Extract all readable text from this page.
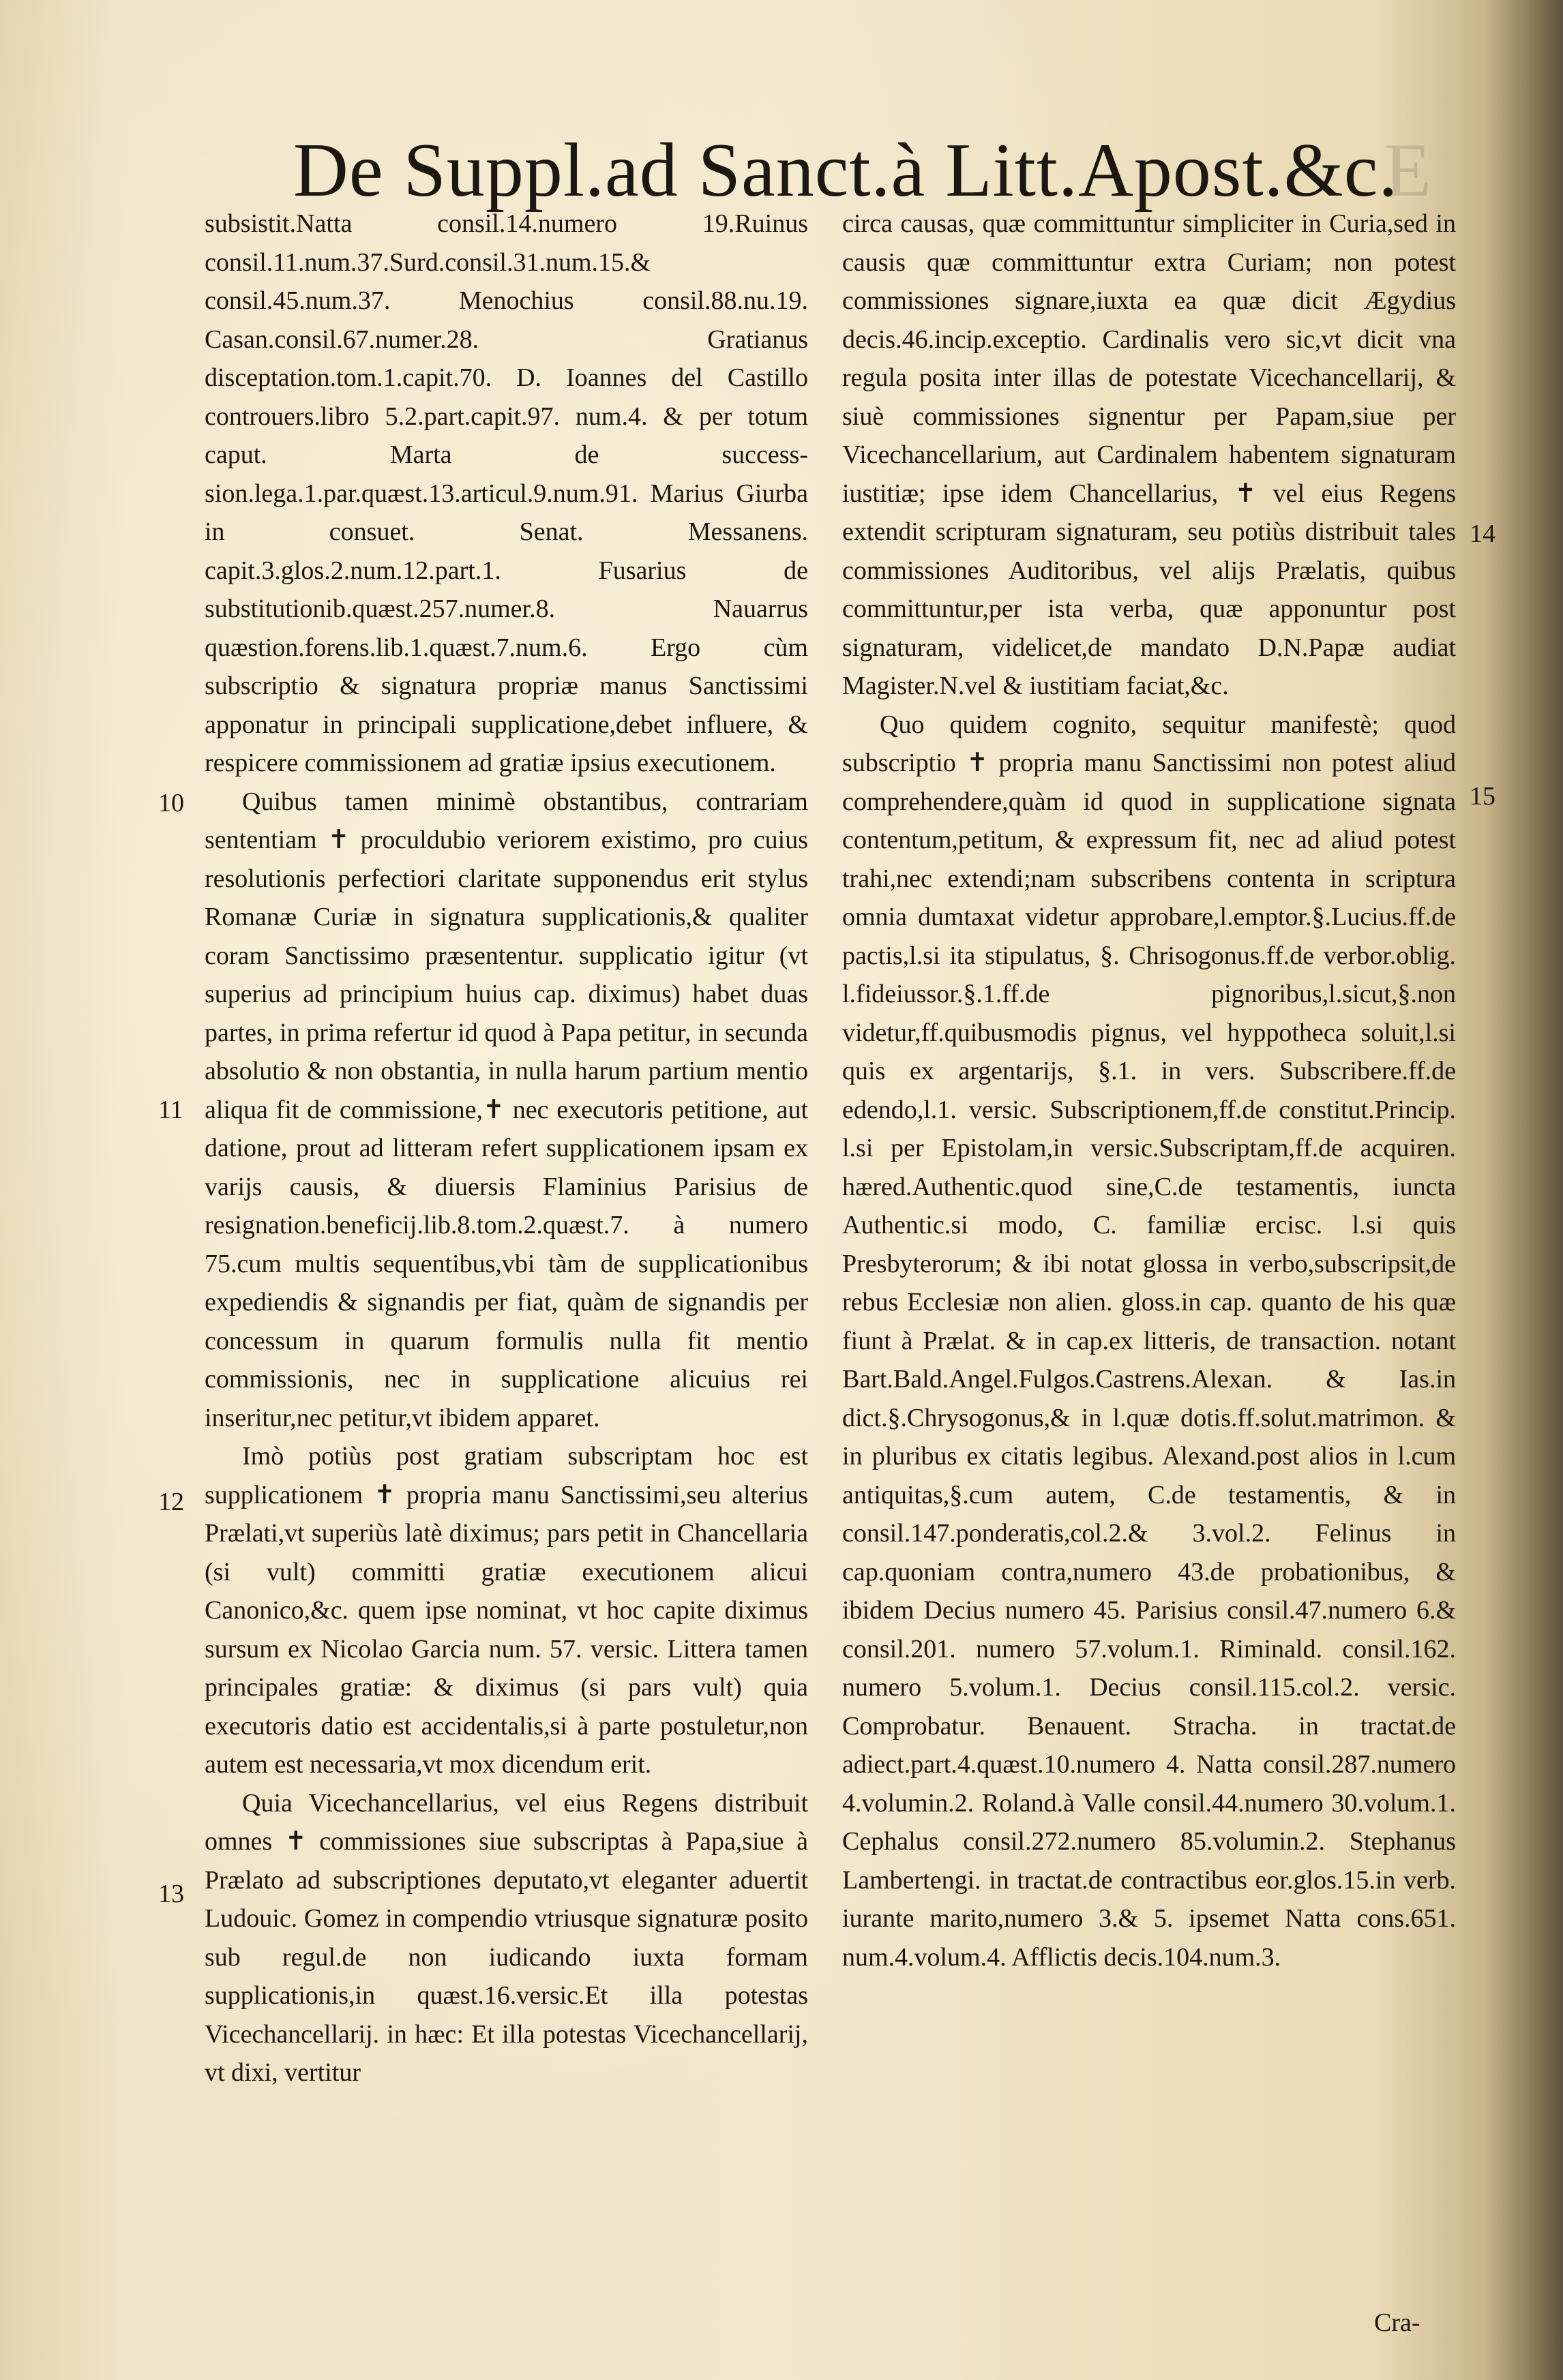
De Suppl.ad Sanct.à Litt.Apost.&c.
E

subsistit.Natta consil.14.numero 19.Ruinus consil.11.num.37.Surd.consil.31.num.15.& consil.45.num.37. Menochius consil.88.nu.19. Casan.consil.67.numer.28. Gratianus disceptation.tom.1.capit.70. D. Ioannes del Castillo controuers.libro 5.2.part.capit.97. num.4. & per totum caput. Marta de successsion.lega.1.par.quæst.13.articul.9.num.91. Marius Giurba in consuet. Senat. Messanens. capit.3.glos.2.num.12.part.1. Fusarius de substitutionib.quæst.257.numer.8. Nauarrus quæstion.forens.lib.1.quæst.7.num.6. Ergo cùm subscriptio & signatura propriæ manus Sanctissimi apponatur in principali supplicatione,debet influere, & respicere commissionem ad gratiæ ipsius executionem.

Quibus tamen minimè obstantibus, contrariam sententiam ✝ proculdubio veriorem existimo, pro cuius resolutionis perfectiori claritate supponendus erit stylus Romanæ Curiæ in signatura supplicationis,& qualiter coram Sanctissimo præsententur. supplicatio igitur (vt superius ad principium huius cap. diximus) habet duas partes, in prima refertur id quod à Papa petitur, in secunda absolutio & non obstantia, in nulla harum partium mentio aliqua fit de commissione,✝ nec executoris petitione, aut datione, prout ad litteram refert supplicationem ipsam ex varijs causis, & diuersis Flaminius Parisius de resignation.beneficij.lib.8.tom.2.quæst.7. à numero 75.cum multis sequentibus,vbi tàm de supplicationibus expediendis & signandis per fiat, quàm de signandis per concessum in quarum formulis nulla fit mentio commissionis, nec in supplicatione alicuius rei inseritur,nec petitur,vt ibidem apparet.

Imò potiùs post gratiam subscriptam hoc est supplicationem ✝ propria manu Sanctissimi,seu alterius Prælati,vt superiùs latè diximus; pars petit in Chancellaria (si vult) committi gratiæ executionem alicui Canonico,&c. quem ipse nominat, vt hoc capite diximus sursum ex Nicolao Garcia num. 57. versic. Littera tamen principales gratiæ: & diximus (si pars vult) quia executoris datio est accidentalis,si à parte postuletur,non autem est necessaria,vt mox dicendum erit.

Quia Vicechancellarius, vel eius Regens distribuit omnes ✝ commissiones siue subscriptas à Papa,siue à Prælato ad subscriptiones deputato,vt eleganter aduertit Ludouic. Gomez in compendio vtriusque signaturæ posito sub regul.de non iudicando iuxta formam supplicationis,in quæst.16.versic.Et illa potestas Vicechancellarij. in hæc: Et illa potestas Vicechancellarij, vt dixi, vertitur

circa causas, quæ committuntur simpliciter in Curia,sed in causis quæ committuntur extra Curiam; non potest commissiones signare,iuxta ea quæ dicit Ægydius decis.46.incip.exceptio. Cardinalis vero sic,vt dicit vna regula posita inter illas de potestate Vicechancellarij, & siuè commissiones signentur per Papam,siue per Vicechancellarium, aut Cardinalem habentem signaturam iustitiæ; ipse idem Chancellarius, ✝ vel eius Regens extendit scripturam signaturam, seu potiùs distribuit tales commissiones Auditoribus, vel alijs Prælatis, quibus committuntur,per ista verba, quæ apponuntur post signaturam, videlicet,de mandato D.N.Papæ audiat Magister.N.vel & iustitiam faciat,&c.

Quo quidem cognito, sequitur manifestè; quod subscriptio ✝ propria manu Sanctissimi non potest aliud comprehendere,quàm id quod in supplicatione signata contentum,petitum, & expressum fit, nec ad aliud potest trahi,nec extendi;nam subscribens contenta in scriptura omnia dumtaxat videtur approbare,l.emptor.§.Lucius.ff.de pactis,l.si ita stipulatus, §. Chrisogonus.ff.de verbor.oblig. l.fideiussor.§.1.ff.de pignoribus,l.sicut,§.non videtur,ff.quibusmodis pignus, vel hyppotheca soluit,l.si quis ex argentarijs, §.1. in vers. Subscribere.ff.de edendo,l.1. versic. Subscriptionem,ff.de constitut.Princip. l.si per Epistolam,in versic.Subscriptam,ff.de acquiren. hæred.Authentic.quod sine,C.de testamentis, iuncta Authentic.si modo, C. familiæ ercisc. l.si quis Presbyterorum; & ibi notat glossa in verbo,subscripsit,de rebus Ecclesiæ non alien. gloss.in cap. quanto de his quæ fiunt à Prælat. & in cap.ex litteris, de transaction. notant Bart.Bald.Angel.Fulgos.Castrens.Alexan. & Ias.in dict.§.Chrysogonus,& in l.quæ dotis.ff.solut.matrimon. & in pluribus ex citatis legibus. Alexand.post alios in l.cum antiquitas,§.cum autem, C.de testamentis, & in consil.147.ponderatis,col.2.& 3.vol.2. Felinus in cap.quoniam contra,numero 43.de probationibus, & ibidem Decius numero 45. Parisius consil.47.numero 6.& consil.201. numero 57.volum.1. Riminald. consil.162. numero 5.volum.1. Decius consil.115.col.2. versic. Comprobatur. Benauent. Stracha. in tractat.de adiect.part.4.quæst.10.numero 4. Natta consil.287.numero 4.volumin.2. Roland.à Valle consil.44.numero 30.volum.1. Cephalus consil.272.numero 85.volumin.2. Stephanus Lambertengi. in tractat.de contractibus eor.glos.15.in verb. iurante marito,numero 3.& 5. ipsemet Natta cons.651. num.4.volum.4. Afflictis decis.104.num.3.

10
11
12
13
14
15
Cra-
